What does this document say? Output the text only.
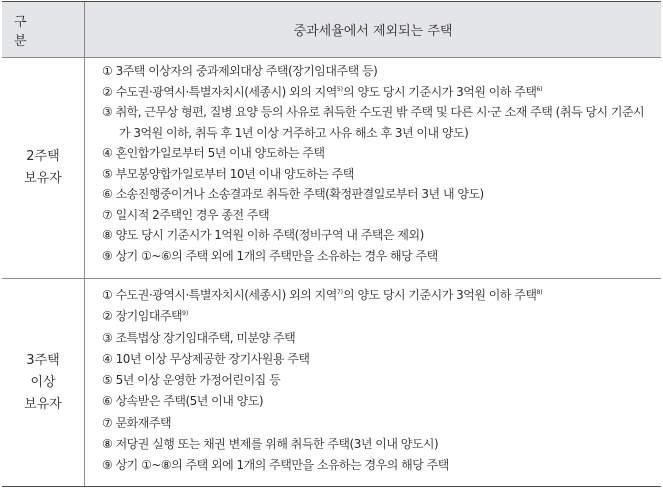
구 분
중과세율에서 제외되는 주택
2주택
보유자
① 3주택 이상자의 중과제외대상 주택(장기임대주택 등)
② 수도권·광역시·특별자치시(세종시) 외의 지역$^{5)}$의 양도 당시 기준시가 3억원 이하 주택$^{6)}$
③ 취학, 근무상 형편, 질병 요양 등의 사유로 취득한 수도권 밖 주택 및 다른 시·군 소재 주택 (취득 당시 기준시가 3억원 이하, 취득 후 1년 이상 거주하고 사유 해소 후 3년 이내 양도)
④ 혼인합가일로부터 5년 이내 양도하는 주택
⑤ 부모봉양합가일로부터 10년 이내 양도하는 주택
⑥ 소송진행중이거나 소송결과로 취득한 주택(확정판결일로부터 3년 내 양도)
⑦ 일시적 2주택인 경우 종전 주택
⑧ 양도 당시 기준시가 1억원 이하 주택(정비구역 내 주택은 제외)
⑨ 상기 ①~⑥의 주택 외에 1개의 주택만을 소유하는 경우 해당 주택
3주택
이상
보유자
① 수도권·광역시·특별자치시(세종시) 외의 지역$^{7)}$의 양도 당시 기준시가 3억원 이하 주택$^{8)}$
② 장기임대주택$^{9)}$
③ 조특법상 장기임대주택, 미분양 주택
④ 10년 이상 무상제공한 장기사원용 주택
⑤ 5년 이상 운영한 가정어린이집 등
⑥ 상속받은 주택(5년 이내 양도)
⑦ 문화재주택
⑧ 저당권 실행 또는 채권 변제를 위해 취득한 주택(3년 이내 양도시)
⑨ 상기 ①~⑧의 주택 외에 1개의 주택만을 소유하는 경우의 해당 주택
